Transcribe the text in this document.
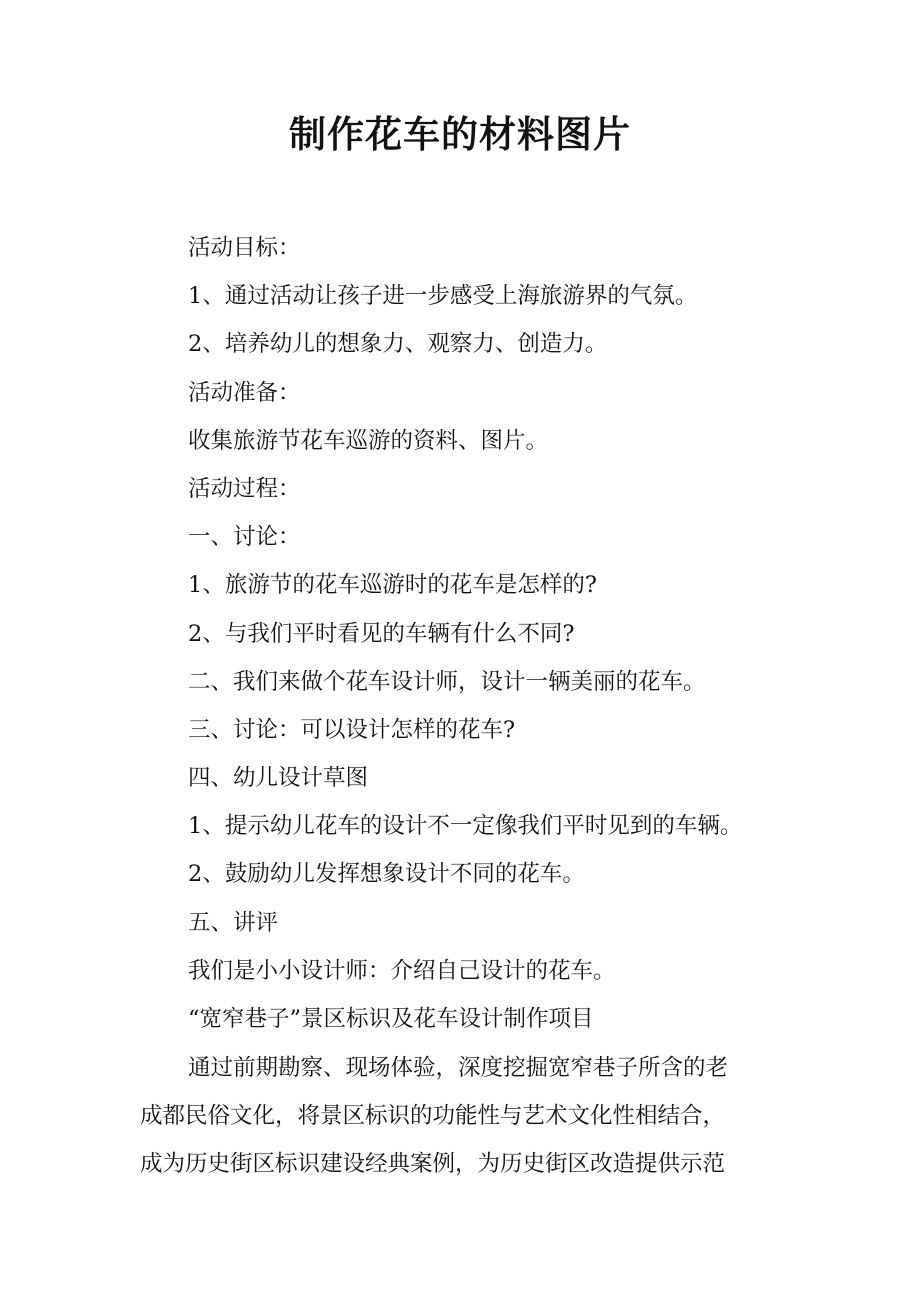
制作花车的材料图片
活动目标：
1、通过活动让孩子进一步感受上海旅游界的气氛。
2、培养幼儿的想象力、观察力、创造力。
活动准备：
收集旅游节花车巡游的资料、图片。
活动过程：
一、讨论：
1、旅游节的花车巡游时的花车是怎样的?
2、与我们平时看见的车辆有什么不同?
二、我们来做个花车设计师，设计一辆美丽的花车。
三、讨论：可以设计怎样的花车?
四、幼儿设计草图
1、提示幼儿花车的设计不一定像我们平时见到的车辆。
2、鼓励幼儿发挥想象设计不同的花车。
五、讲评
我们是小小设计师：介绍自己设计的花车。
“宽窄巷子”景区标识及花车设计制作项目
通过前期勘察、现场体验，深度挖掘宽窄巷子所含的老
成都民俗文化，将景区标识的功能性与艺术文化性相结合，
成为历史街区标识建设经典案例，为历史街区改造提供示范
